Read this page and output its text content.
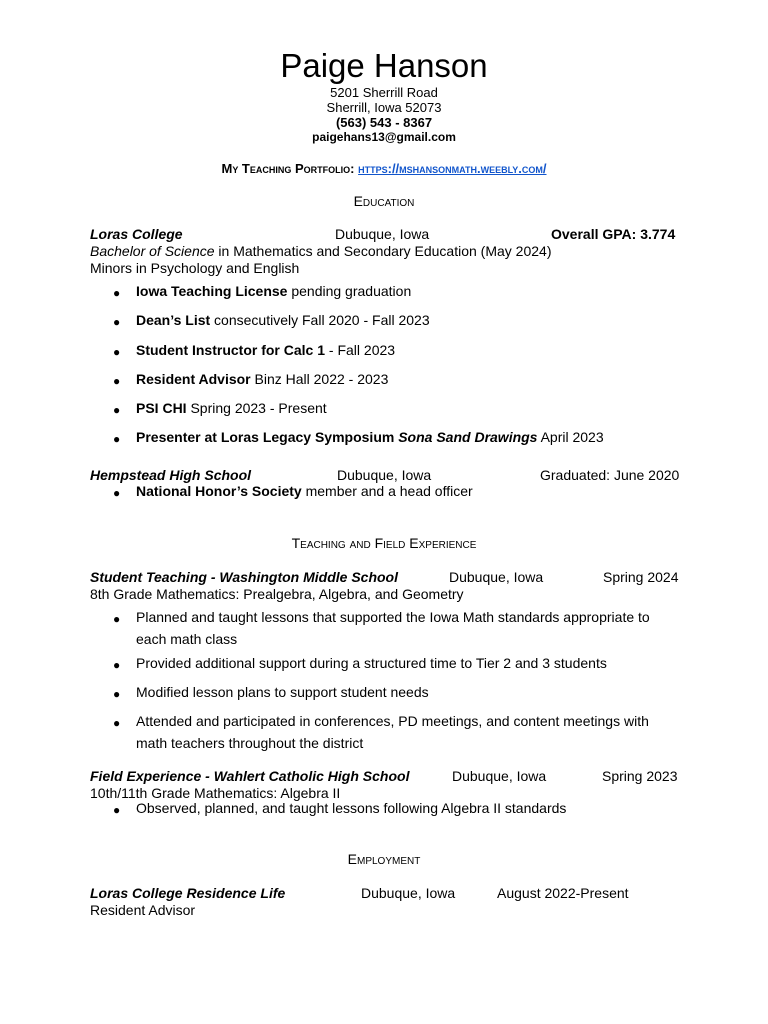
Paige Hanson
5201 Sherrill Road
Sherrill, Iowa 52073
(563) 543 - 8367
paigehans13@gmail.com
My Teaching Portfolio: https://mshansonmath.weebly.com/
Education
Loras College	Dubuque, Iowa	Overall GPA: 3.774
Bachelor of Science in Mathematics and Secondary Education (May 2024)
Minors in Psychology and English
● Iowa Teaching License pending graduation
● Dean’s List consecutively Fall 2020 - Fall 2023
● Student Instructor for Calc 1 - Fall 2023
● Resident Advisor Binz Hall 2022 - 2023
● PSI CHI Spring 2023 - Present
● Presenter at Loras Legacy Symposium Sona Sand Drawings April 2023
Hempstead High School	Dubuque, Iowa	Graduated: June 2020
● National Honor’s Society member and a head officer
Teaching and Field Experience
Student Teaching - Washington Middle School	Dubuque, Iowa	Spring 2024
8th Grade Mathematics: Prealgebra, Algebra, and Geometry
● Planned and taught lessons that supported the Iowa Math standards appropriate to each math class
● Provided additional support during a structured time to Tier 2 and 3 students
● Modified lesson plans to support student needs
● Attended and participated in conferences, PD meetings, and content meetings with math teachers throughout the district
Field Experience - Wahlert Catholic High School	Dubuque, Iowa	Spring 2023
10th/11th Grade Mathematics: Algebra II
● Observed, planned, and taught lessons following Algebra II standards
Employment
Loras College Residence Life	Dubuque, Iowa	August 2022-Present
Resident Advisor
